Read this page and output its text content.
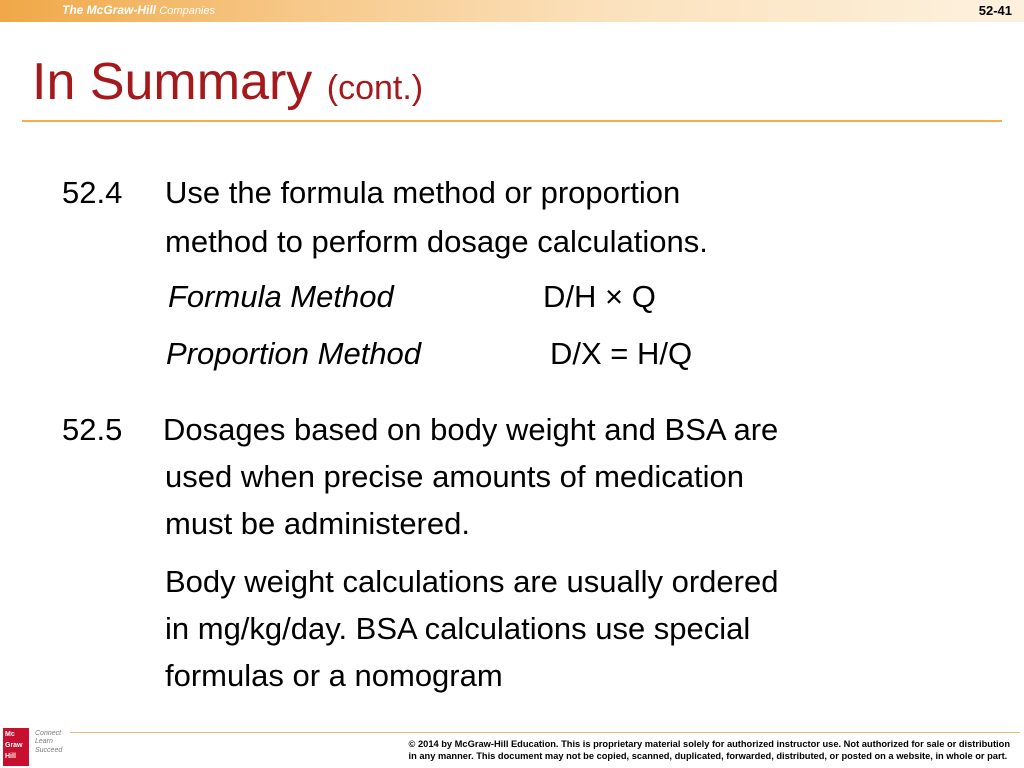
The McGraw-Hill Companies	52-41
In Summary (cont.)
52.4 Use the formula method or proportion
method to perform dosage calculations.
Formula Method	D/H × Q
Proportion Method	D/X = H/Q
52.5 Dosages based on body weight and BSA are
used when precise amounts of medication
must be administered.
Body weight calculations are usually ordered
in mg/kg/day. BSA calculations use special
formulas or a nomogram
Mc
Graw
Hill
Connect
Learn
Succeed
© 2014 by McGraw-Hill Education. This is proprietary material solely for authorized instructor use. Not authorized for sale or distribution
in any manner. This document may not be copied, scanned, duplicated, forwarded, distributed, or posted on a website, in whole or part.
